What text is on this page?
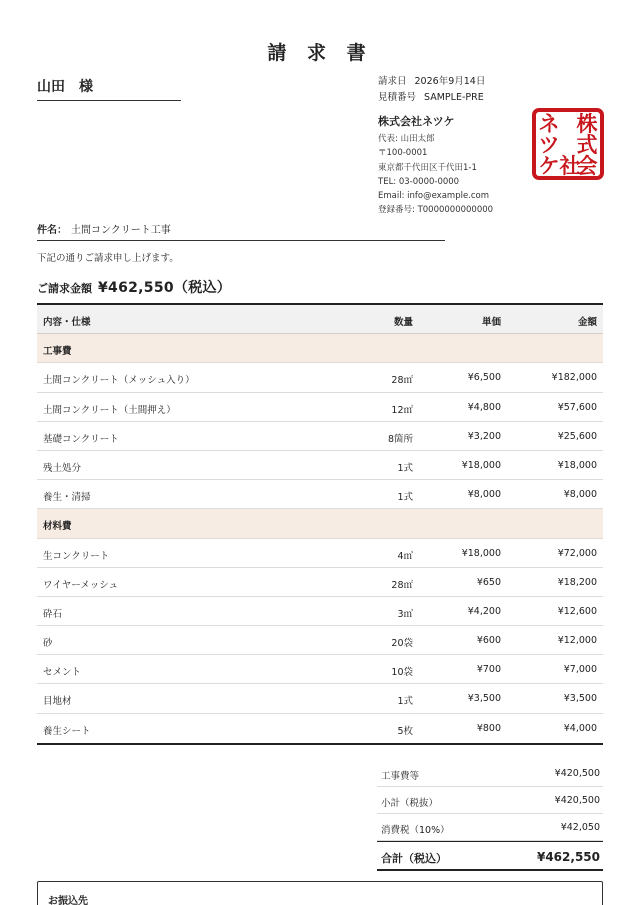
請 求 書
山田　様	請求日 2026年9月14日
見積番号 SAMPLE-PRE
株式会社ネツケ
代表: 山田太郎
〒100-0001
東京都千代田区千代田1-1
TEL: 03-0000-0000
Email: info@example.com
登録番号: T0000000000000
株
式
会
社
ネ
ツ
ケ
件名： 土間コンクリート工事
下記の通りご請求申し上げます。
ご請求金額 ¥462,550（税込）
内容・仕様	数量	単価	金額
工事費
土間コンクリート（メッシュ入り）	28㎡	¥6,500	¥182,000
土間コンクリート（土間押え）	12㎡	¥4,800	¥57,600
基礎コンクリート	8箇所	¥3,200	¥25,600
残土処分	1式	¥18,000	¥18,000
養生・清掃	1式	¥8,000	¥8,000
材料費
生コンクリート	4㎥	¥18,000	¥72,000
ワイヤーメッシュ	28㎡	¥650	¥18,200
砕石	3㎥	¥4,200	¥12,600
砂	20袋	¥600	¥12,000
セメント	10袋	¥700	¥7,000
目地材	1式	¥3,500	¥3,500
養生シート	5枚	¥800	¥4,000
工事費等	¥420,500
小計（税抜）	¥420,500
消費税（10%）	¥42,050
合計（税込）	¥462,550
お振込先
